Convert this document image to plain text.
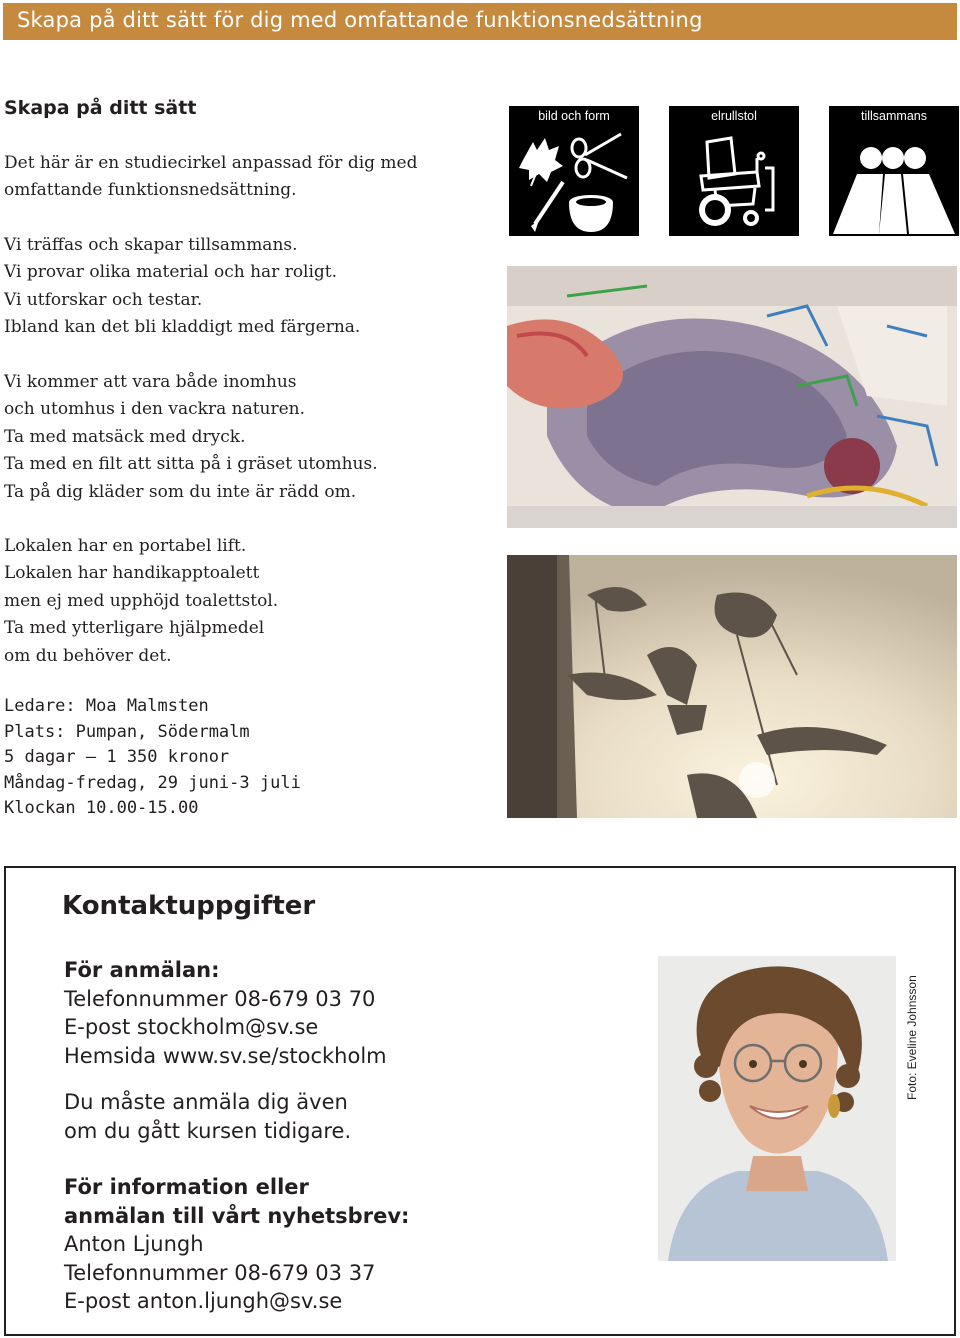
Skapa på ditt sätt för dig med omfattande funktionsnedsättning
Skapa på ditt sätt
Det här är en studiecirkel anpassad för dig med
omfattande funktionsnedsättning.
Vi träffas och skapar tillsammans.
Vi provar olika material och har roligt.
Vi utforskar och testar.
Ibland kan det bli kladdigt med färgerna.
Vi kommer att vara både inomhus
och utomhus i den vackra naturen.
Ta med matsäck med dryck.
Ta med en filt att sitta på i gräset utomhus.
Ta på dig kläder som du inte är rädd om.
Lokalen har en portabel lift.
Lokalen har handikapptoalett
men ej med upphöjd toalettstol.
Ta med ytterligare hjälpmedel
om du behöver det.
Ledare: Moa Malmsten
Plats: Pumpan, Södermalm
5 dagar – 1 350 kronor
Måndag-fredag, 29 juni-3 juli
Klockan 10.00-15.00
bild och form	elrullstol	tillsammans
Kontaktuppgifter
För anmälan:
Telefonnummer 08-679 03 70
E-post stockholm@sv.se
Hemsida www.sv.se/stockholm
Du måste anmäla dig även
om du gått kursen tidigare.
För information eller
anmälan till vårt nyhetsbrev:
Anton Ljungh
Telefonnummer 08-679 03 37
E-post anton.ljungh@sv.se
Foto: Eveline Johnsson
